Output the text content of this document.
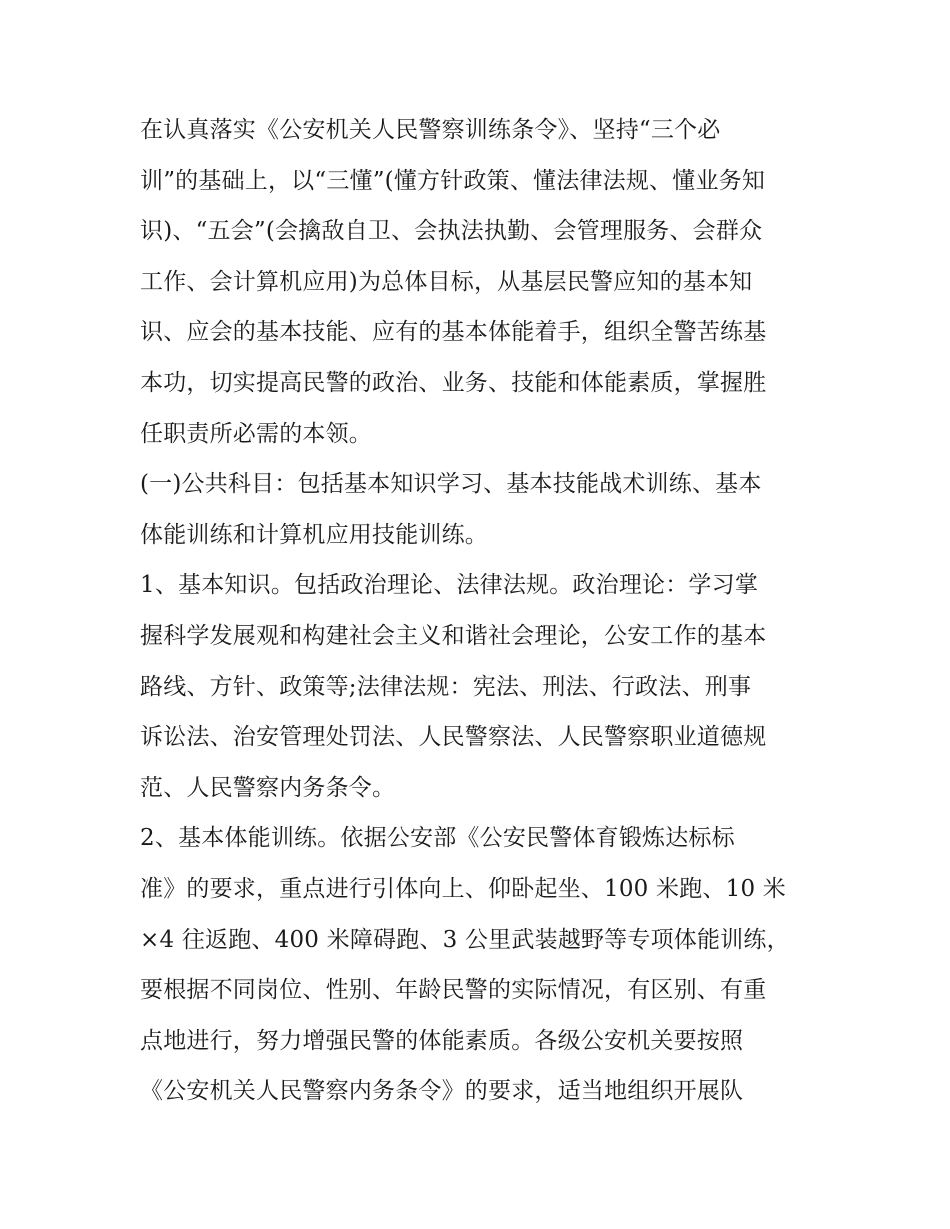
在认真落实《公安机关人民警察训练条令》、坚持“三个必
训”的基础上，以“三懂”(懂方针政策、懂法律法规、懂业务知
识)、“五会”(会擒敌自卫、会执法执勤、会管理服务、会群众
工作、会计算机应用)为总体目标，从基层民警应知的基本知
识、应会的基本技能、应有的基本体能着手，组织全警苦练基
本功，切实提高民警的政治、业务、技能和体能素质，掌握胜
任职责所必需的本领。
(一)公共科目：包括基本知识学习、基本技能战术训练、基本
体能训练和计算机应用技能训练。
1、基本知识。包括政治理论、法律法规。政治理论：学习掌
握科学发展观和构建社会主义和谐社会理论，公安工作的基本
路线、方针、政策等;法律法规：宪法、刑法、行政法、刑事
诉讼法、治安管理处罚法、人民警察法、人民警察职业道德规
范、人民警察内务条令。
2、基本体能训练。依据公安部《公安民警体育锻炼达标标
准》的要求，重点进行引体向上、仰卧起坐、100 米跑、10 米
×4 往返跑、400 米障碍跑、3 公里武装越野等专项体能训练，
要根据不同岗位、性别、年龄民警的实际情况，有区别、有重
点地进行，努力增强民警的体能素质。各级公安机关要按照
《公安机关人民警察内务条令》的要求，适当地组织开展队
